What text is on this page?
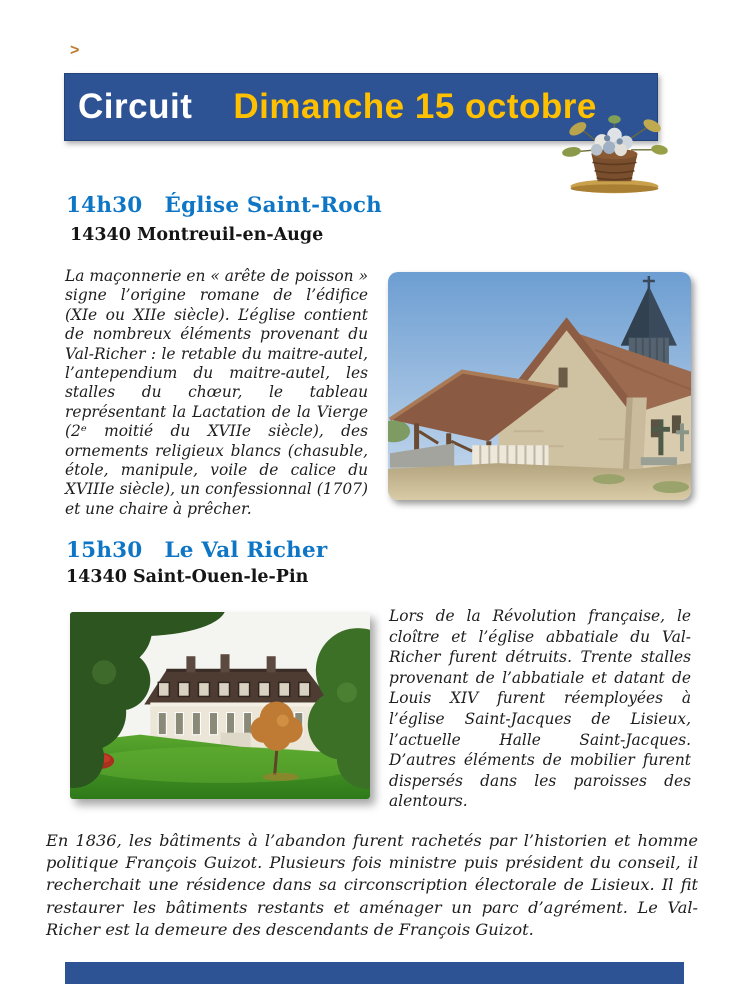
>
Circuit Dimanche 15 octobre
14h30 Église Saint-Roch
14340 Montreuil-en-Auge
La maçonnerie en « arête de poisson » signe l’origine romane de l’édifice (XIe ou XIIe siècle). L’église contient de nombreux éléments provenant du Val-Richer : le retable du maitre-autel, l’antependium du maitre-autel, les stalles du chœur, le tableau représentant la Lactation de la Vierge (2ᵉ moitié du XVIIe siècle), des ornements religieux blancs (chasuble, étole, manipule, voile de calice du XVIIIe siècle), un confessionnal (1707) et une chaire à prêcher.
15h30 Le Val Richer
14340 Saint-Ouen-le-Pin
Lors de la Révolution française, le cloître et l’église abbatiale du Val-Richer furent détruits. Trente stalles provenant de l’abbatiale et datant de Louis XIV furent réemployées à l’église Saint-Jacques de Lisieux, l’actuelle Halle Saint-Jacques. D’autres éléments de mobilier furent dispersés dans les paroisses des alentours.
En 1836, les bâtiments à l’abandon furent rachetés par l’historien et homme politique François Guizot. Plusieurs fois ministre puis président du conseil, il recherchait une résidence dans sa circonscription électorale de Lisieux. Il fit restaurer les bâtiments restants et aménager un parc d’agrément. Le Val-Richer est la demeure des descendants de François Guizot.
